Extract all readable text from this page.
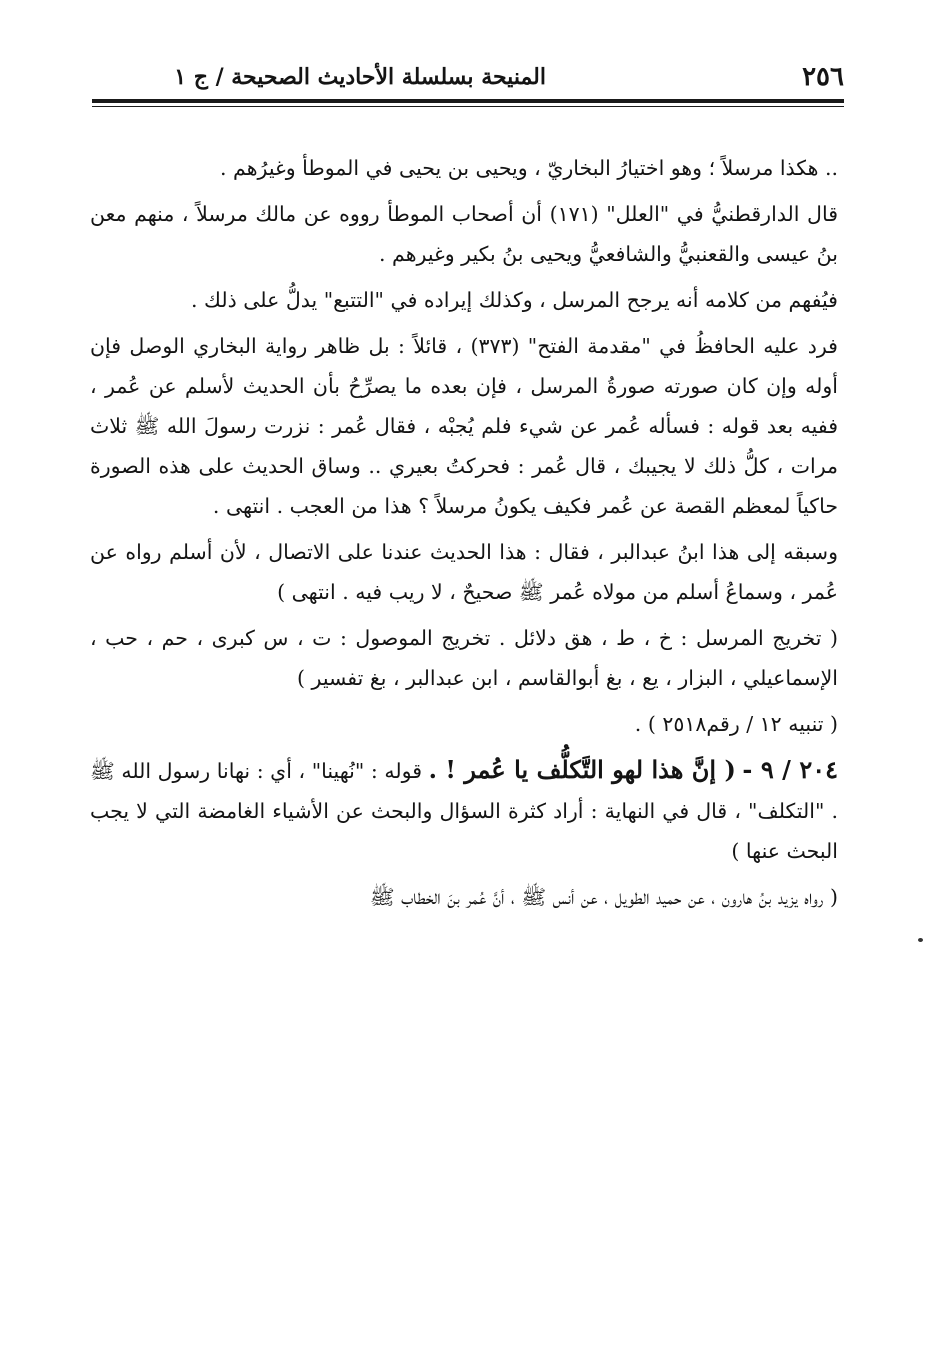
٢٥٦
المنيحة بسلسلة الأحاديث الصحيحة / ج ١

.. هكذا مرسلاً ؛ وهو اختيارُ البخاريّ ، ويحيى بن يحيى في الموطأ وغيرُهم .

قال الدارقطنيُّ في "العلل" (١٧١) أن أصحاب الموطأ رووه عن مالك مرسلاً ، منهم معن بنُ عيسى والقعنبيُّ والشافعيُّ ويحيى بنُ بكير وغيرهم .

فيُفهم من كلامه أنه يرجح المرسل ، وكذلك إيراده في "التتبع" يدلُّ على ذلك .

فرد عليه الحافظُ في "مقدمة الفتح" (٣٧٣) ، قائلاً : بل ظاهر رواية البخاري الوصل فإن أوله وإن كان صورته صورةُ المرسل ، فإن بعده ما يصرِّحُ بأن الحديث لأسلم عن عُمر ، ففيه بعد قوله : فسأله عُمر عن شيء فلم يُجبْه ، فقال عُمر : نزرت رسولَ الله ﷺ ثلاث مرات ، كلُّ ذلك لا يجيبك ، قال عُمر : فحركتُ بعيري .. وساق الحديث على هذه الصورة حاكياً لمعظم القصة عن عُمر فكيف يكونُ مرسلاً ؟ هذا من العجب . انتهى .

وسبقه إلى هذا ابنُ عبدالبر ، فقال : هذا الحديث عندنا على الاتصال ، لأن أسلم رواه عن عُمر ، وسماعُ أسلم من مولاه عُمر ﷺ صحيحٌ ، لا ريب فيه . انتهى )

( تخريج المرسل : خ ، ط ، هق دلائل . تخريج الموصول : ت ، س كبرى ، حم ، حب ، الإسماعيلي ، البزار ، يع ، بغ أبوالقاسم ، ابن عبدالبر ، بغ تفسير )

( تنبيه ١٢ / رقم٢٥١٨ ) .

٢٠٤ / ٩ - ( إنَّ هذا لهو التَّكلُّف يا عُمر ! . قوله : "نُهينا" ، أي : نهانا رسول الله ﷺ . "التكلف" ، قال في النهاية : أراد كثرة السؤال والبحث عن الأشياء الغامضة التي لا يجب البحث عنها )

( رواه يزيد بنُ هارون ، عن حميد الطويل ، عن أنس ﷺ ، أنَّ عُمر بنَ الخطاب ﷺ
